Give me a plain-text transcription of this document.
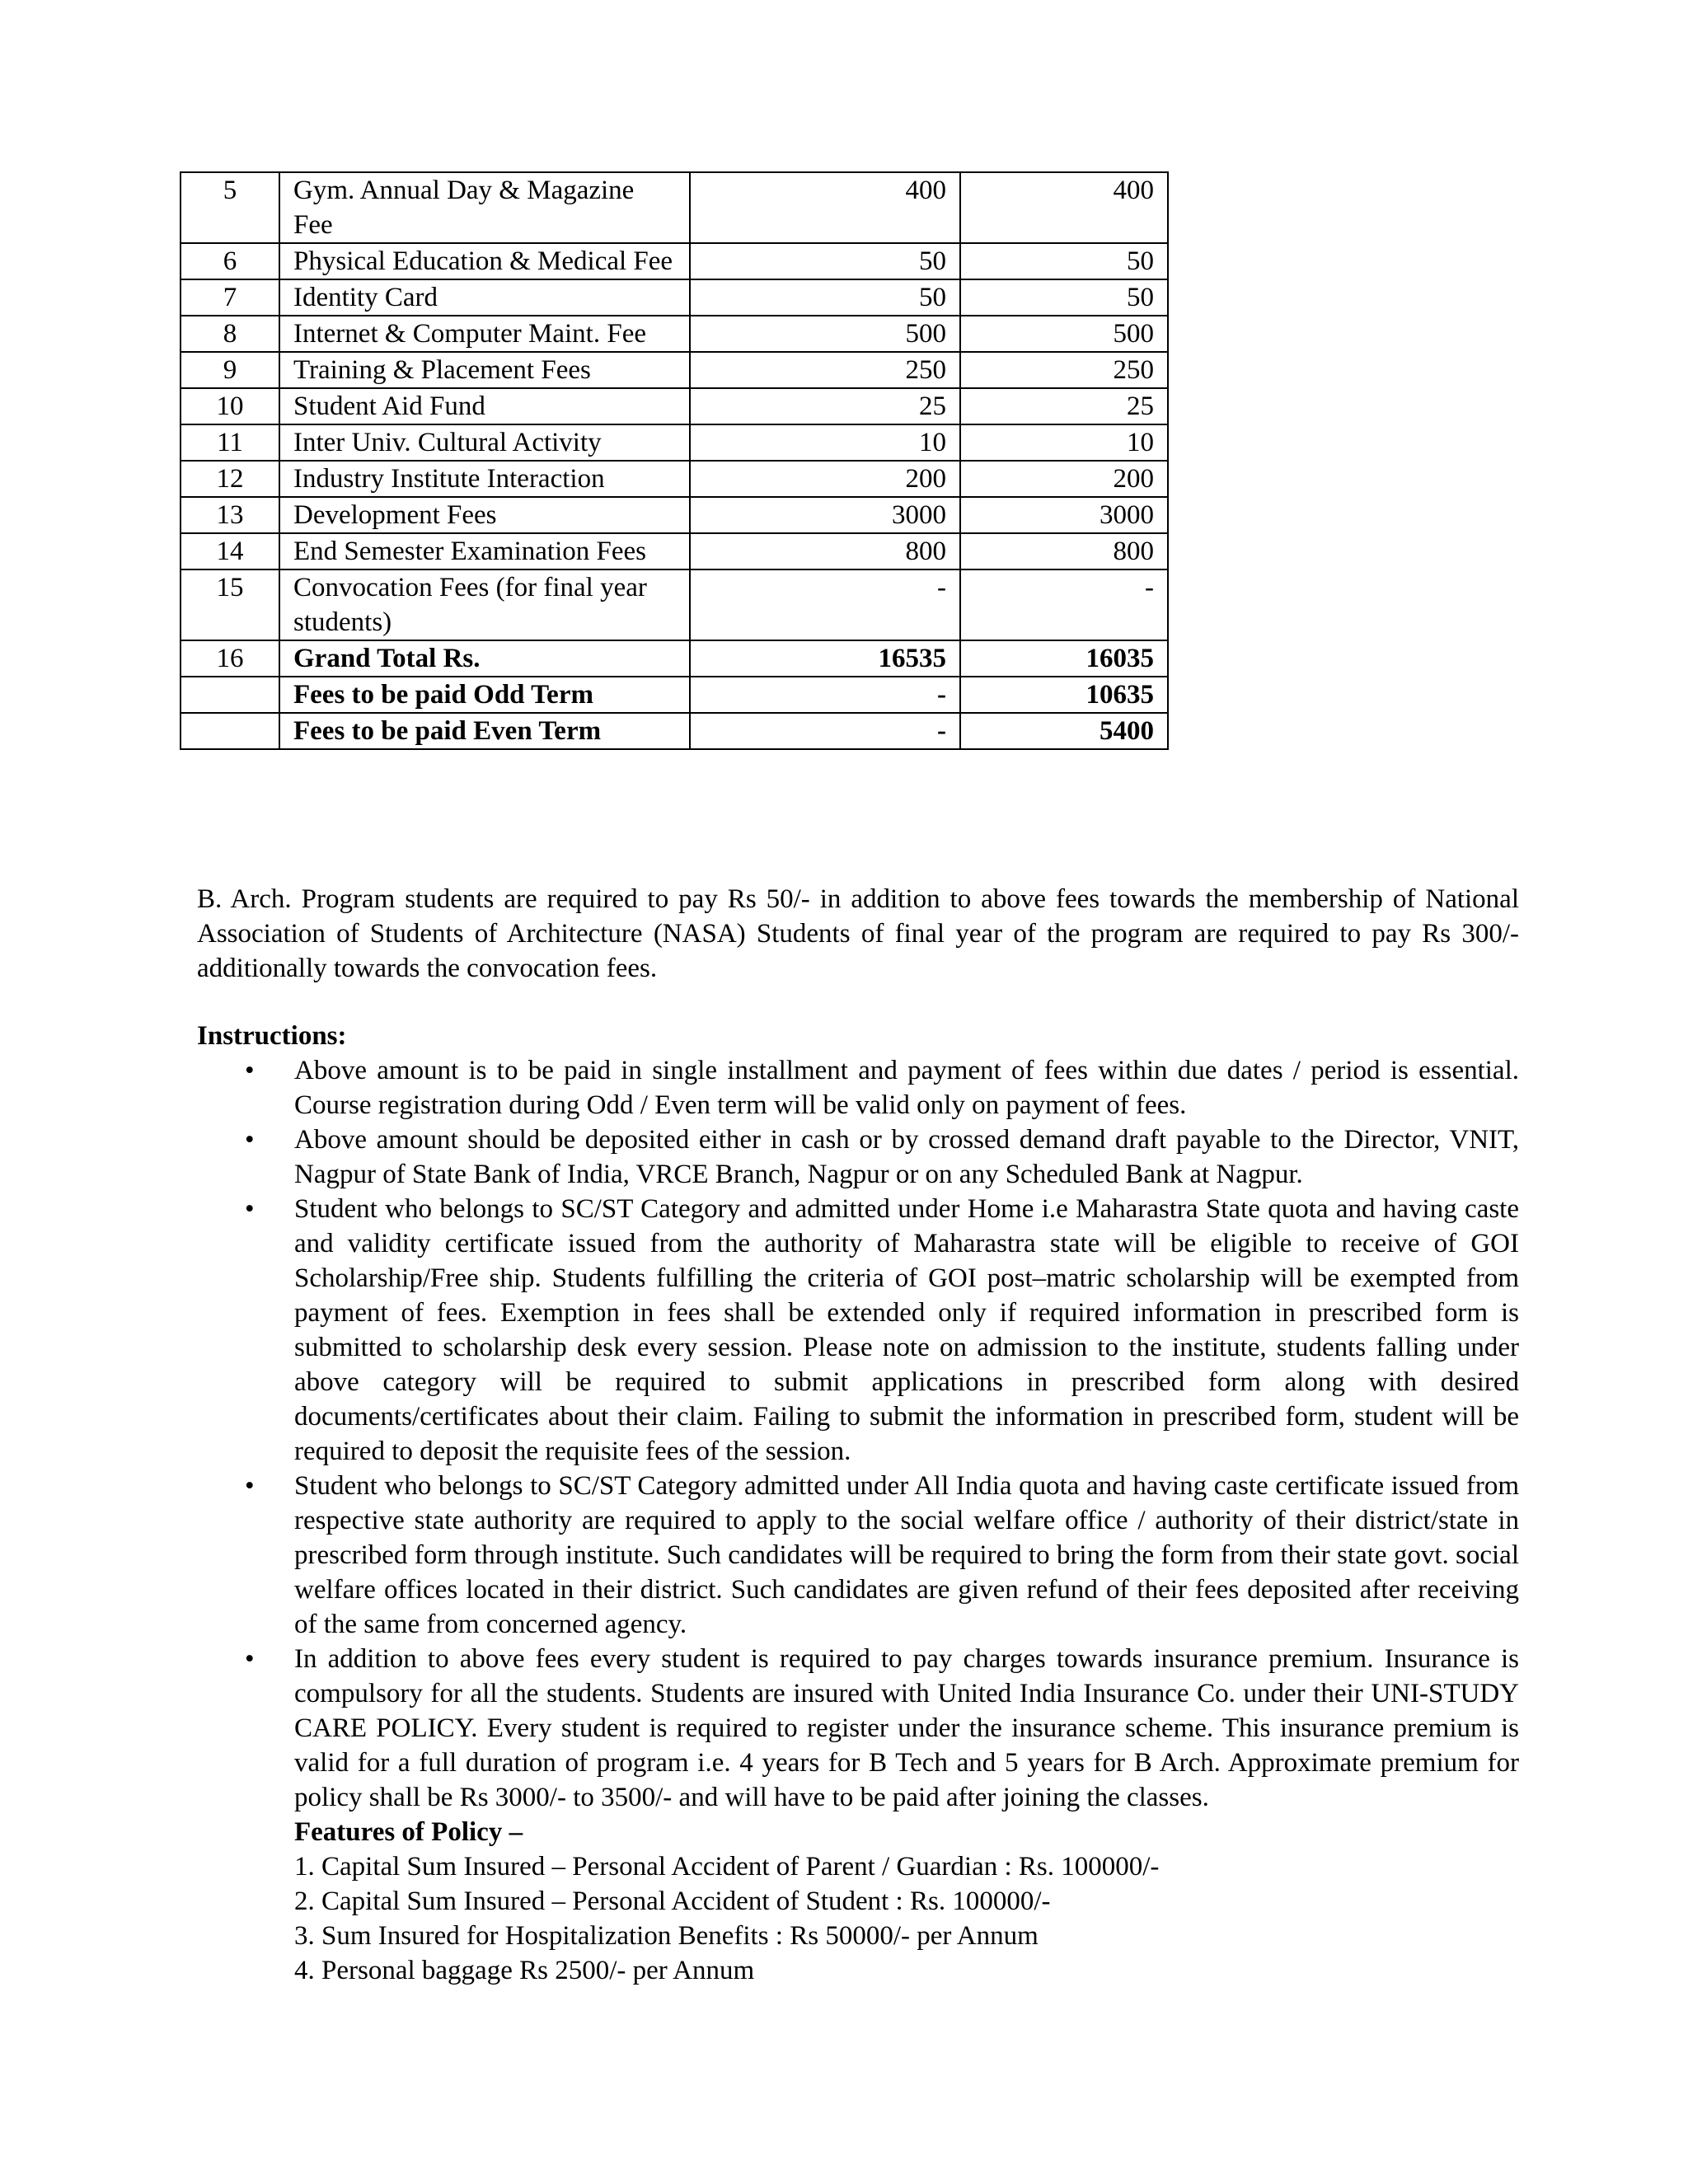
5	Gym. Annual Day & Magazine Fee	400	400
6	Physical Education & Medical Fee	50	50
7	Identity Card	50	50
8	Internet & Computer Maint. Fee	500	500
9	Training & Placement Fees	250	250
10	Student Aid Fund	25	25
11	Inter Univ. Cultural Activity	10	10
12	Industry Institute Interaction	200	200
13	Development Fees	3000	3000
14	End Semester Examination Fees	800	800
15	Convocation Fees (for final year students)	-	-
16	Grand Total Rs.	16535	16035
	Fees to be paid Odd Term	-	10635
	Fees to be paid Even Term	-	5400
B. Arch. Program students are required to pay Rs 50/- in addition to above fees towards the membership of National Association of Students of Architecture (NASA) Students of final year of the program are required to pay Rs 300/- additionally towards the convocation fees.
Instructions:
• Above amount is to be paid in single installment and payment of fees within due dates / period is essential. Course registration during Odd / Even term will be valid only on payment of fees.
• Above amount should be deposited either in cash or by crossed demand draft payable to the Director, VNIT, Nagpur of State Bank of India, VRCE Branch, Nagpur or on any Scheduled Bank at Nagpur.
• Student who belongs to SC/ST Category and admitted under Home i.e Maharastra State quota and having caste and validity certificate issued from the authority of Maharastra state will be eligible to receive of GOI Scholarship/Free ship. Students fulfilling the criteria of GOI post–matric scholarship will be exempted from payment of fees. Exemption in fees shall be extended only if required information in prescribed form is submitted to scholarship desk every session. Please note on admission to the institute, students falling under above category will be required to submit applications in prescribed form along with desired documents/certificates about their claim. Failing to submit the information in prescribed form, student will be required to deposit the requisite fees of the session.
• Student who belongs to SC/ST Category admitted under All India quota and having caste certificate issued from respective state authority are required to apply to the social welfare office / authority of their district/state in prescribed form through institute. Such candidates will be required to bring the form from their state govt. social welfare offices located in their district. Such candidates are given refund of their fees deposited after receiving of the same from concerned agency.
• In addition to above fees every student is required to pay charges towards insurance premium. Insurance is compulsory for all the students. Students are insured with United India Insurance Co. under their UNI-STUDY CARE POLICY. Every student is required to register under the insurance scheme. This insurance premium is valid for a full duration of program i.e. 4 years for B Tech and 5 years for B Arch. Approximate premium for policy shall be Rs 3000/- to 3500/- and will have to be paid after joining the classes.
Features of Policy –
1. Capital Sum Insured – Personal Accident of Parent / Guardian : Rs. 100000/-
2. Capital Sum Insured – Personal Accident of Student : Rs. 100000/-
3. Sum Insured for Hospitalization Benefits : Rs 50000/- per Annum
4. Personal baggage Rs 2500/- per Annum
